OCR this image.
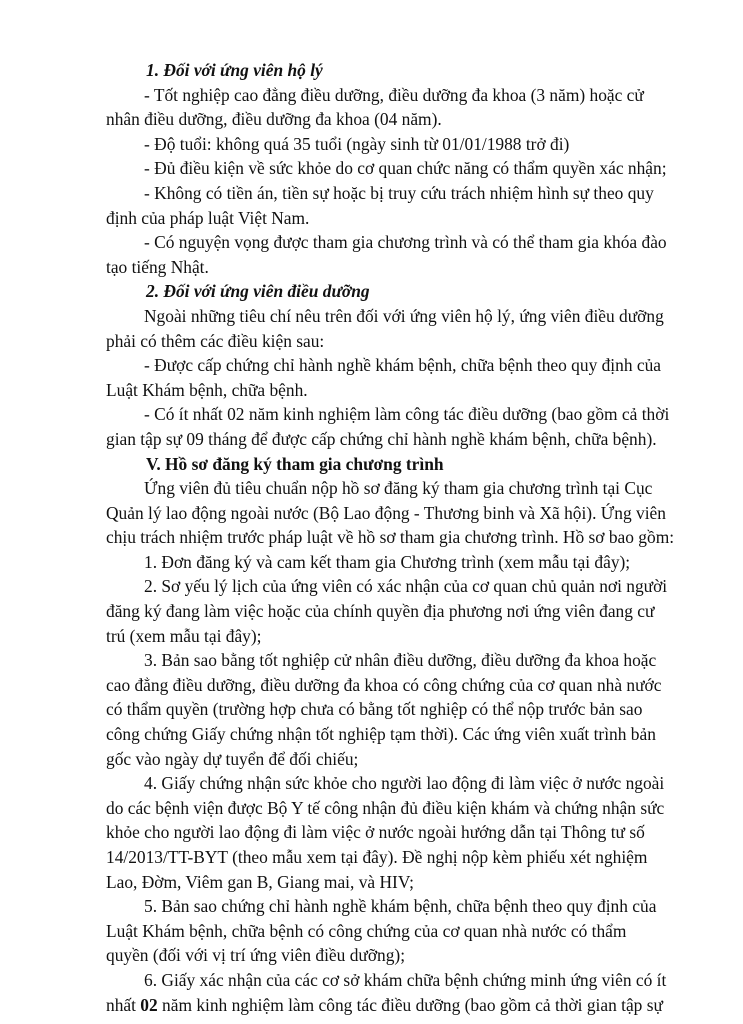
1. Đối với ứng viên hộ lý

- Tốt nghiệp cao đẳng điều dưỡng, điều dưỡng đa khoa (3 năm) hoặc cử

nhân điều dưỡng, điều dưỡng đa khoa (04 năm).

- Độ tuổi: không quá 35 tuổi (ngày sinh từ 01/01/1988 trở đi)

- Đủ điều kiện về sức khỏe do cơ quan chức năng có thẩm quyền xác nhận;

- Không có tiền án, tiền sự hoặc bị truy cứu trách nhiệm hình sự theo quy

định của pháp luật Việt Nam.

- Có nguyện vọng được tham gia chương trình và có thể tham gia khóa đào

tạo tiếng Nhật.

2. Đối với ứng viên điều dưỡng

Ngoài những tiêu chí nêu trên đối với ứng viên hộ lý, ứng viên điều dưỡng

phải có thêm các điều kiện sau:

- Được cấp chứng chỉ hành nghề khám bệnh, chữa bệnh theo quy định của

Luật Khám bệnh, chữa bệnh.

- Có ít nhất 02 năm kinh nghiệm làm công tác điều dưỡng (bao gồm cả thời

gian tập sự 09 tháng để được cấp chứng chỉ hành nghề khám bệnh, chữa bệnh).

V. Hồ sơ đăng ký tham gia chương trình

Ứng viên đủ tiêu chuẩn nộp hồ sơ đăng ký tham gia chương trình tại Cục

Quản lý lao động ngoài nước (Bộ Lao động - Thương binh và Xã hội). Ứng viên

chịu trách nhiệm trước pháp luật về hồ sơ tham gia chương trình. Hồ sơ bao gồm:

1. Đơn đăng ký và cam kết tham gia Chương trình (xem mẫu tại đây);

2. Sơ yếu lý lịch của ứng viên có xác nhận của cơ quan chủ quản nơi người

đăng ký đang làm việc hoặc của chính quyền địa phương nơi ứng viên đang cư

trú (xem mẫu tại đây);

3. Bản sao bằng tốt nghiệp cử nhân điều dưỡng, điều dưỡng đa khoa hoặc

cao đẳng điều dưỡng, điều dưỡng đa khoa có công chứng của cơ quan nhà nước

có thẩm quyền (trường hợp chưa có bằng tốt nghiệp có thể nộp trước bản sao

công chứng Giấy chứng nhận tốt nghiệp tạm thời). Các ứng viên xuất trình bản

gốc vào ngày dự tuyển để đối chiếu;

4. Giấy chứng nhận sức khỏe cho người lao động đi làm việc ở nước ngoài

do các bệnh viện được Bộ Y tế công nhận đủ điều kiện khám và chứng nhận sức

khỏe cho người lao động đi làm việc ở nước ngoài hướng dẫn tại Thông tư số

14/2013/TT-BYT (theo mẫu xem tại đây). Đề nghị nộp kèm phiếu xét nghiệm

Lao, Đờm, Viêm gan B, Giang mai, và HIV;

5. Bản sao chứng chỉ hành nghề khám bệnh, chữa bệnh theo quy định của

Luật Khám bệnh, chữa bệnh có công chứng của cơ quan nhà nước có thẩm

quyền (đối với vị trí ứng viên điều dưỡng);

6. Giấy xác nhận của các cơ sở khám chữa bệnh chứng minh ứng viên có ít

nhất 02 năm kinh nghiệm làm công tác điều dưỡng (bao gồm cả thời gian tập sự
